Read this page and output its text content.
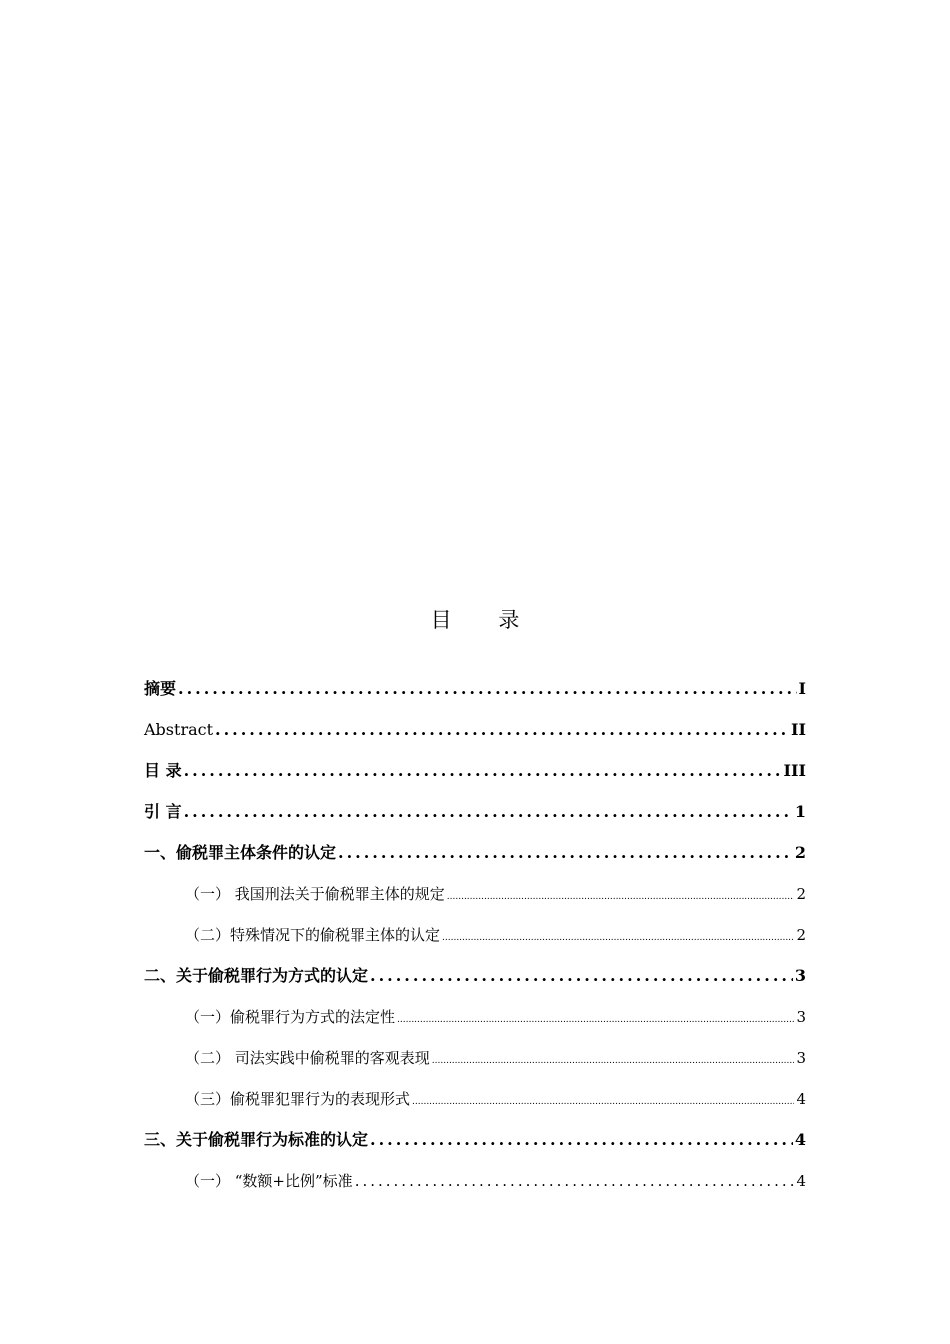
目 录
摘要 .....	I
Abstract .....	II
目 录 .....	III
引 言 .....	1
一、偷税罪主体条件的认定 .....	2
（一） 我国刑法关于偷税罪主体的规定 .....	2
（二）特殊情况下的偷税罪主体的认定 .....	2
二、关于偷税罪行为方式的认定 .....	3
（一）偷税罪行为方式的法定性 .....	3
（二） 司法实践中偷税罪的客观表现 .....	3
（三）偷税罪犯罪行为的表现形式 .....	4
三、关于偷税罪行为标准的认定 .....	4
（一） “数额+比例”标准 .....	4
